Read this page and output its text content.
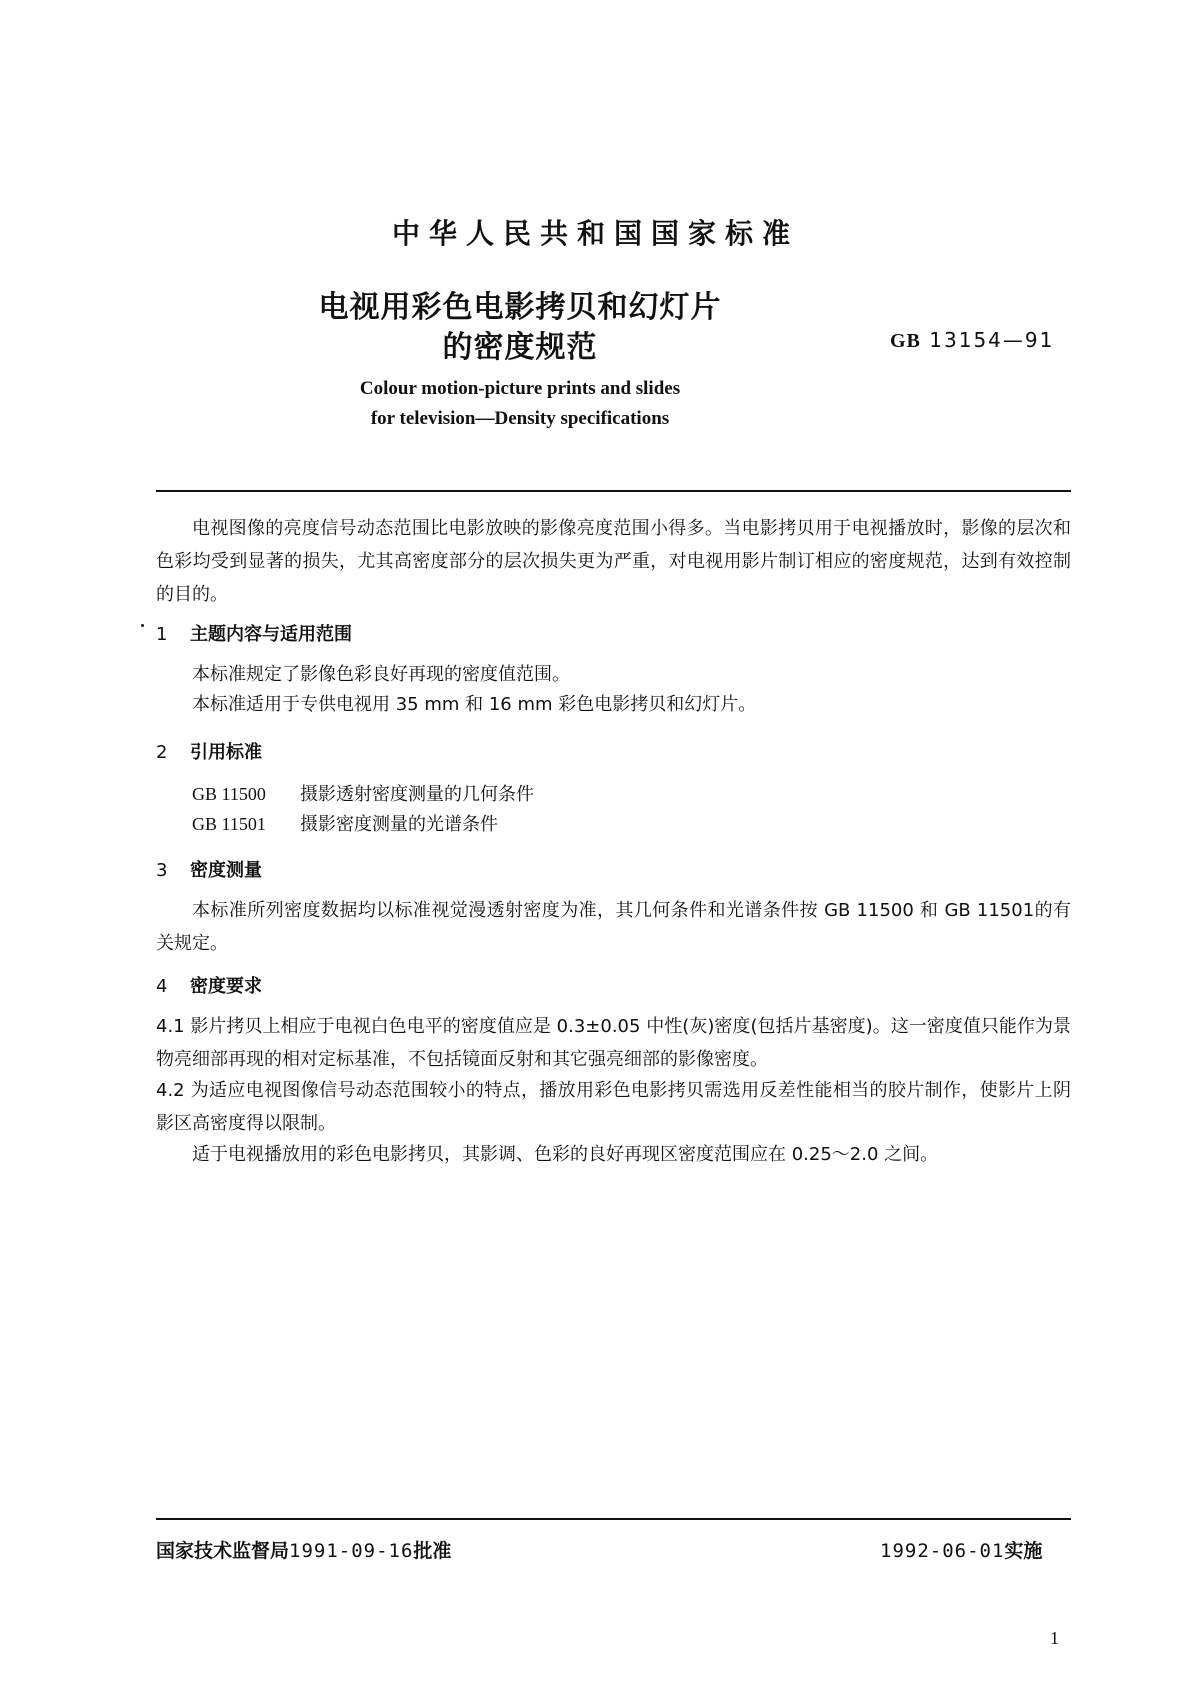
中华人民共和国国家标准
电视用彩色电影拷贝和幻灯片
的密度规范	GB 13154—91
Colour motion-picture prints and slides
for television—Density specifications
电视图像的亮度信号动态范围比电影放映的影像亮度范围小得多。当电影拷贝用于电视播放时，影像的层次和色彩均受到显著的损失，尤其高密度部分的层次损失更为严重，对电视用影片制订相应的密度规范，达到有效控制的目的。
1 主题内容与适用范围
本标准规定了影像色彩良好再现的密度值范围。
本标准适用于专供电视用 35 mm 和 16 mm 彩色电影拷贝和幻灯片。
2 引用标准
GB 11500 摄影透射密度测量的几何条件
GB 11501 摄影密度测量的光谱条件
3 密度测量
本标准所列密度数据均以标准视觉漫透射密度为准，其几何条件和光谱条件按 GB 11500 和 GB 11501的有关规定。
4 密度要求
4.1 影片拷贝上相应于电视白色电平的密度值应是 0.3±0.05 中性(灰)密度(包括片基密度)。这一密度值只能作为景物亮细部再现的相对定标基准，不包括镜面反射和其它强亮细部的影像密度。
4.2 为适应电视图像信号动态范围较小的特点，播放用彩色电影拷贝需选用反差性能相当的胶片制作，使影片上阴影区高密度得以限制。
适于电视播放用的彩色电影拷贝，其影调、色彩的良好再现区密度范围应在 0.25～2.0 之间。
国家技术监督局1991-09-16批准	1992-06-01实施
1
